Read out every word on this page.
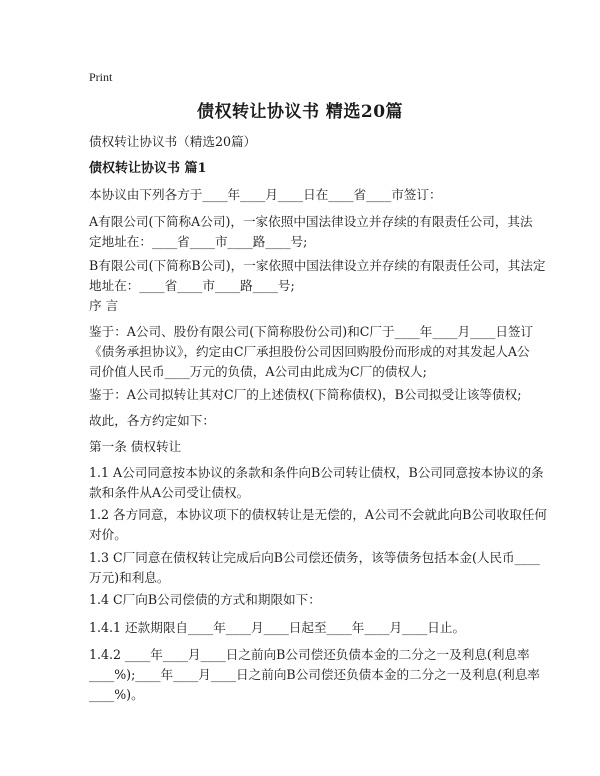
Print
债权转让协议书 精选20篇
债权转让协议书（精选20篇）
债权转让协议书 篇1
本协议由下列各方于____年____月____日在____省____市签订：
A有限公司(下简称A公司)，一家依照中国法律设立并存续的有限责任公司，其法
定地址在：____省____市____路____号;
B有限公司(下简称B公司)，一家依照中国法律设立并存续的有限责任公司，其法定
地址在：____省____市____路____号;
序 言
鉴于：A公司、股份有限公司(下简称股份公司)和C厂于____年____月____日签订
《债务承担协议》，约定由C厂承担股份公司因回购股份而形成的对其发起人A公
司价值人民币____万元的负债，A公司由此成为C厂的债权人;
鉴于：A公司拟转让其对C厂的上述债权(下简称债权)，B公司拟受让该等债权;
故此，各方约定如下：
第一条 债权转让
1.1 A公司同意按本协议的条款和条件向B公司转让债权，B公司同意按本协议的条
款和条件从A公司受让债权。
1.2 各方同意，本协议项下的债权转让是无偿的，A公司不会就此向B公司收取任何
对价。
1.3 C厂同意在债权转让完成后向B公司偿还债务，该等债务包括本金(人民币____
万元)和利息。
1.4 C厂向B公司偿债的方式和期限如下：
1.4.1 还款期限自____年____月____日起至____年____月____日止。
1.4.2 ____年____月____日之前向B公司偿还负债本金的二分之一及利息(利息率
____%);____年____月____日之前向B公司偿还负债本金的二分之一及利息(利息率
____%)。
